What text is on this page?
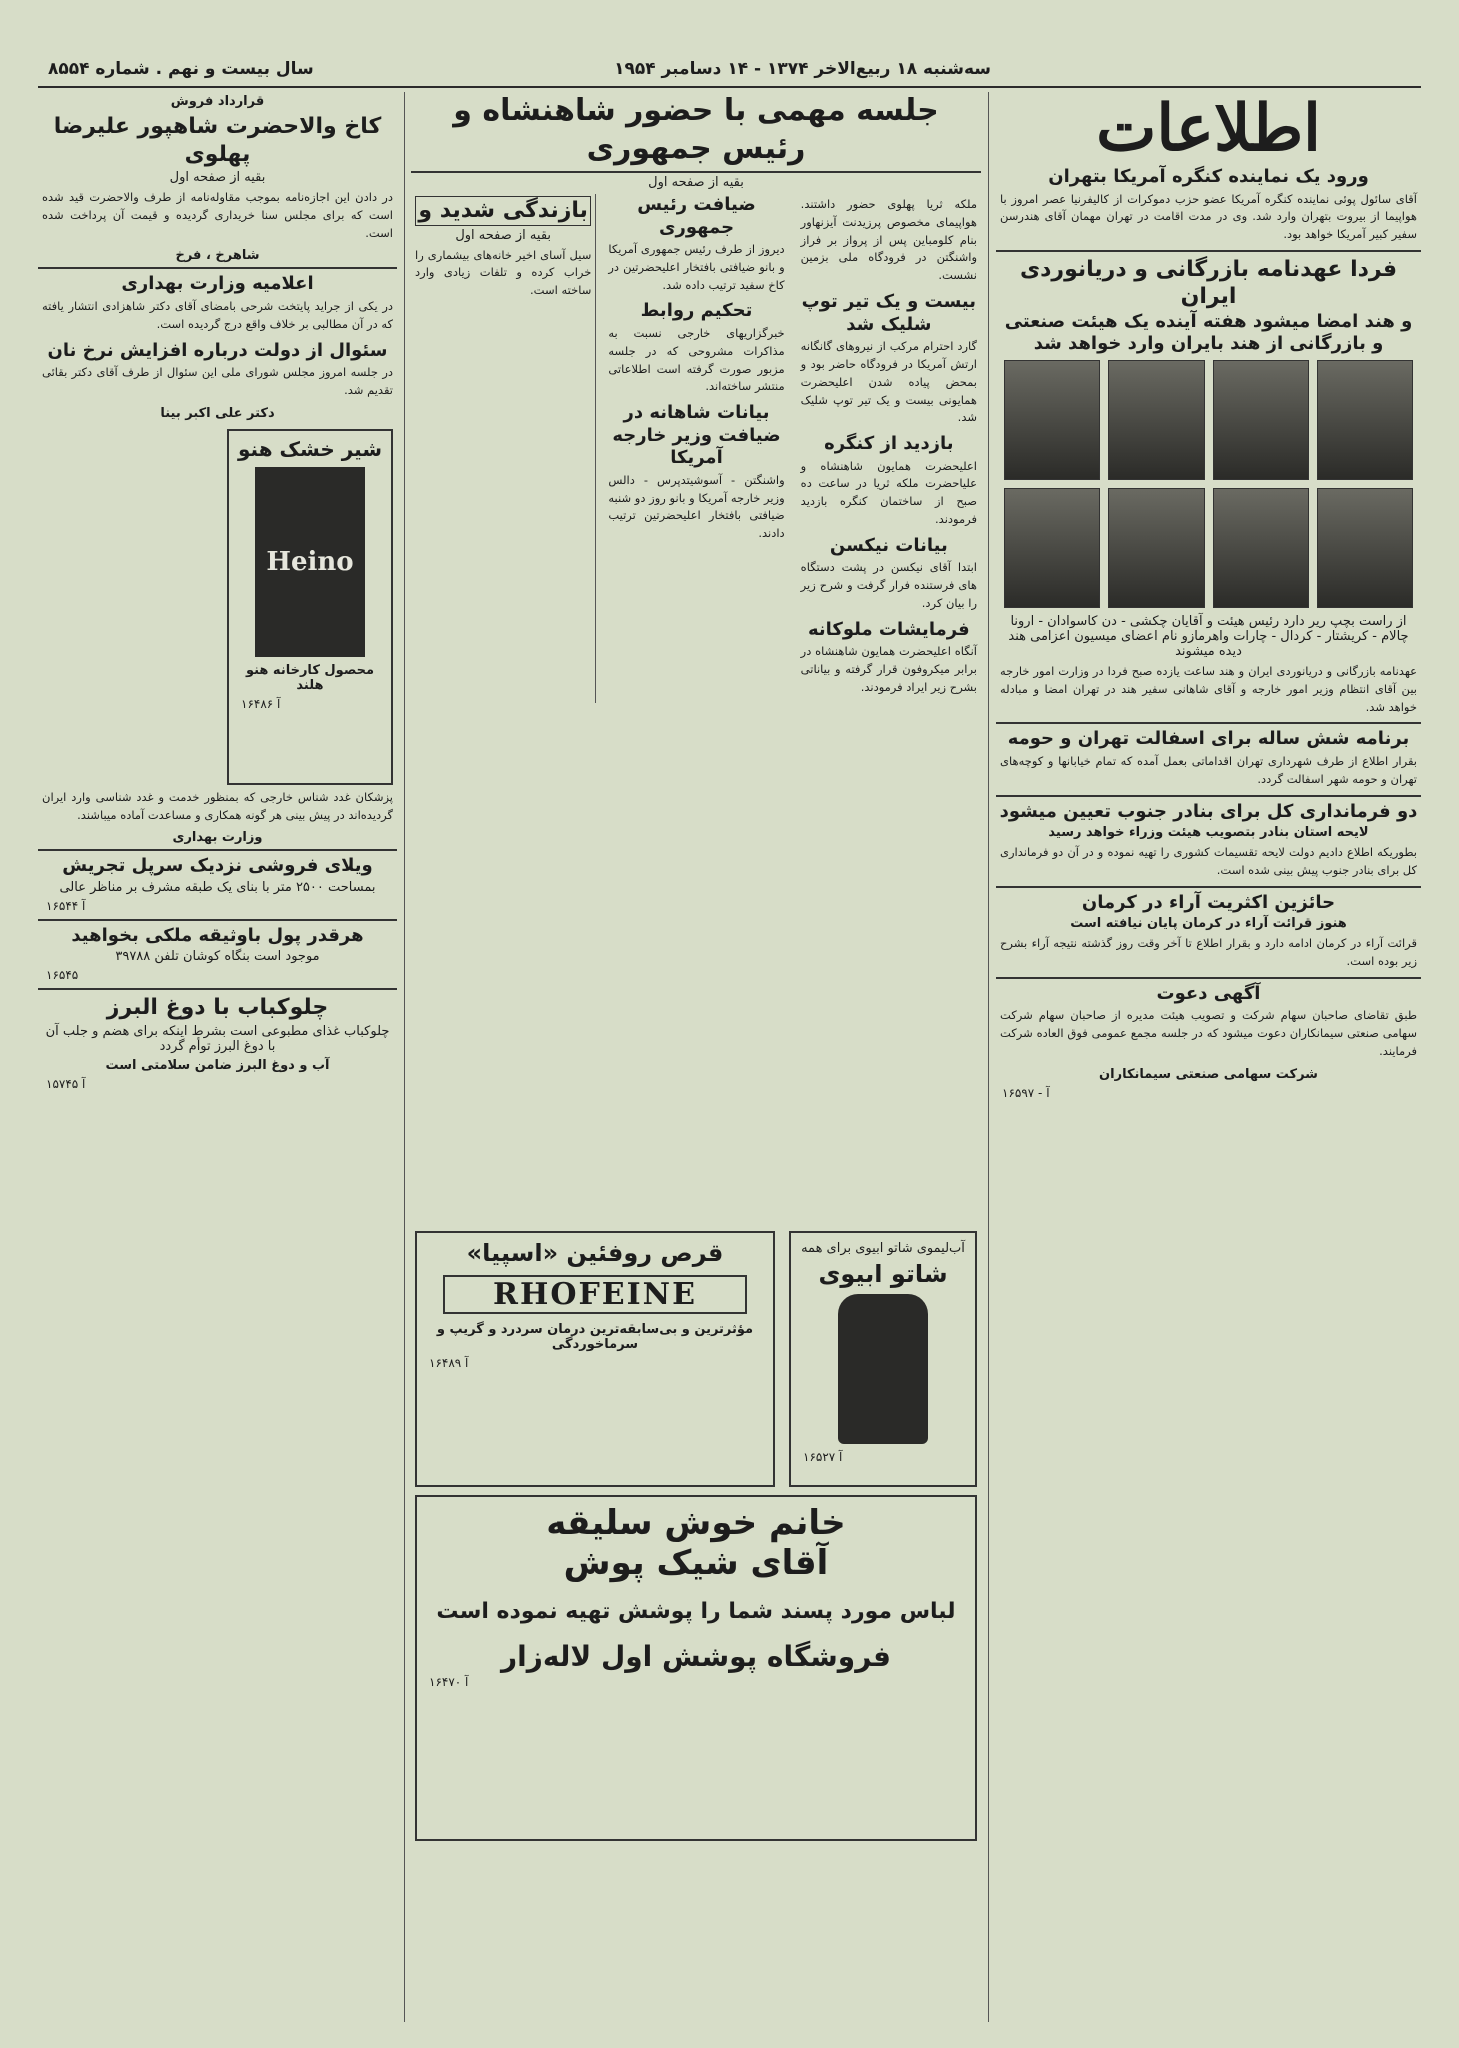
سه‌شنبه ۱۸ ربیع‌الاخر ۱۳۷۴ - ۱۴ دسامبر ۱۹۵۴
سال بیست و نهم . شماره ۸۵۵۴
اطلاعات
ورود یک نماینده کنگره آمریکا بتهران
آقای سائول پوئی نماینده کنگره آمریکا عضو حزب دموکرات از کالیفرنیا عصر امروز با هواپیما از بیروت بتهران وارد شد. وی در مدت اقامت در تهران مهمان آقای هندرسن سفیر کبیر آمریکا خواهد بود.
فردا عهدنامه بازرگانی و دریانوردی ایران
و هند امضا میشود هفته آینده یک هیئت صنعتی و بازرگانی از هند بایران وارد خواهد شد
از راست بچپ ریر دارد رئیس هیئت و آقایان چکشی - دن کاسوادان - ارونا چالام - کریشتار - کردال - چارات واهرمازو نام اعضای میسیون اعزامی هند دیده میشوند
عهدنامه بازرگانی و دریانوردی ایران و هند ساعت یازده صبح فردا در وزارت امور خارجه بین آقای انتظام وزیر امور خارجه و آقای شاهانی سفیر هند در تهران امضا و مبادله خواهد شد.
برنامه شش ساله برای اسفالت تهران و حومه
بقرار اطلاع از طرف شهرداری تهران اقداماتی بعمل آمده که تمام خیابانها و کوچه‌های تهران و حومه شهر اسفالت گردد.
دو فرمانداری کل برای بنادر جنوب تعیین میشود
لایحه استان بنادر بتصویب هیئت وزراء خواهد رسید
بطوریکه اطلاع دادیم دولت لایحه تقسیمات کشوری را تهیه نموده و در آن دو فرمانداری کل برای بنادر جنوب پیش بینی شده است.
حائزین اکثریت آراء در کرمان
هنوز قرائت آراء در کرمان پایان نیافته است
قرائت آراء در کرمان ادامه دارد و بقرار اطلاع تا آخر وقت روز گذشته نتیجه آراء بشرح زیر بوده است.
آگهی دعوت
طبق تقاضای صاحبان سهام شرکت و تصویب هیئت مدیره از صاحبان سهام شرکت سهامی صنعتی سیمانکاران دعوت میشود که در جلسه مجمع عمومی فوق العاده شرکت فرمایند.
شرکت سهامی صنعتی سیمانکاران
آ - ۱۶۵۹۷
جلسه مهمی با حضور شاهنشاه و رئیس جمهوری
بقیه از صفحه اول
ملکه ثریا پهلوی حضور داشتند. هواپیمای مخصوص پرزیدنت آیزنهاور بنام کلومباین پس از پرواز بر فراز واشنگتن در فرودگاه ملی بزمین نشست.
بیست و یک تیر توپ شلیک شد
گارد احترام مرکب از نیروهای گانگانه ارتش آمریکا در فرودگاه حاضر بود و بمحض پیاده شدن اعلیحضرت همایونی بیست و یک تیر توپ شلیک شد.
بازدید از کنگره
اعلیحضرت همایون شاهنشاه و علیاحضرت ملکه ثریا در ساعت ده صبح از ساختمان کنگره بازدید فرمودند.
بیانات نیکسن
ابتدا آقای نیکسن در پشت دستگاه های فرستنده فرار گرفت و شرح زیر را بیان کرد.
فرمایشات ملوکانه
آنگاه اعلیحضرت همایون شاهنشاه در برابر میکروفون قرار گرفته و بیاناتی بشرح زیر ایراد فرمودند.
ضیافت رئیس جمهوری
دیروز از طرف رئیس جمهوری آمریکا و بانو ضیافتی بافتخار اعلیحضرتین در کاخ سفید ترتیب داده شد.
تحکیم روابط
خبرگزاریهای خارجی نسبت به مذاکرات مشروحی که در جلسه مزبور صورت گرفته است اطلاعاتی منتشر ساخته‌اند.
بیانات شاهانه در ضیافت وزیر خارجه آمریکا
واشنگتن - آسوشیتدپرس - دالس وزیر خارجه آمریکا و بانو روز دو شنبه ضیافتی بافتخار اعلیحضرتین ترتیب دادند.
بازندگی شدید و
بقیه از صفحه اول
سیل آسای اخیر خانه‌های بیشماری را خراب کرده و تلفات زیادی وارد ساخته است.
آب‌لیموی شاتو ابیوی برای همه
شاتو ابیوی
آ ۱۶۵۲۷
قرص روفئین «اسپیا»
RHOFEINE
مؤثرترین و بی‌سابقه‌ترین درمان سردرد و گریپ و سرماخوردگی
آ ۱۶۴۸۹
خانم خوش سلیقه
آقای شیک پوش
لباس مورد پسند شما را پوشش تهیه نموده است
فروشگاه پوشش اول لاله‌زار
آ ۱۶۴۷۰
قرارداد فروش
کاخ والاحضرت شاهپور علیرضا پهلوی
بقیه از صفحه اول
در دادن این اجازه‌نامه بموجب مقاوله‌نامه از طرف والاحضرت قید شده است که برای مجلس سنا خریداری گردیده و قیمت آن پرداخت شده است.
شاهرخ ، فرخ
اعلامیه وزارت بهداری
در یکی از جراید پایتخت شرحی بامضای آقای دکتر شاهزادی انتشار یافته که در آن مطالبی بر خلاف واقع درج گردیده است.
سئوال از دولت درباره افزایش نرخ نان
در جلسه امروز مجلس شورای ملی این سئوال از طرف آقای دکتر بقائی تقدیم شد.
دکتر علی اکبر بینا
شیر خشک هنو
Heino
محصول کارخانه هنو هلند
آ ۱۶۴۸۶
پزشکان غدد شناس خارجی که بمنظور خدمت و غدد شناسی وارد ایران گردیده‌اند در پیش بینی هر گونه همکاری و مساعدت آماده میباشند.
وزارت بهداری
ویلای فروشی نزدیک سرپل تجریش
بمساحت ۲۵۰۰ متر با بنای یک طبقه مشرف بر مناظر عالی
آ ۱۶۵۴۴
هرقدر پول باوثیقه ملکی بخواهید
موجود است بنگاه کوشان تلفن ۳۹۷۸۸
۱۶۵۴۵
چلوکباب با دوغ البرز
چلوکباب غذای مطبوعی است بشرط اینکه برای هضم و جلب آن با دوغ البرز توأم گردد
آب و دوغ البرز ضامن سلامتی است
آ ۱۵۷۴۵
